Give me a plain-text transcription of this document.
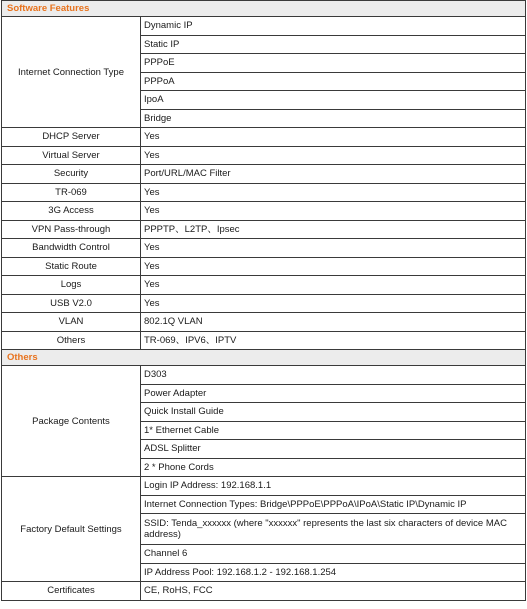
Software Features	
Internet Connection Type	Dynamic IP
	Static IP
	PPPoE
	PPPoA
	IpoA
	Bridge
DHCP Server	Yes
Virtual Server	Yes
Security	Port/URL/MAC Filter
TR-069	Yes
3G Access	Yes
VPN Pass-through	PPPTP、L2TP、Ipsec
Bandwidth Control	Yes
Static Route	Yes
Logs	Yes
USB V2.0	Yes
VLAN	802.1Q VLAN
Others	TR-069、IPV6、IPTV
Others	
Package Contents	D303
	Power Adapter
	Quick Install Guide
	1* Ethernet Cable
	ADSL Splitter
	2 * Phone Cords
Factory Default Settings	Login IP Address: 192.168.1.1
	Internet Connection Types: Bridge\PPPoE\PPPoA\IPoA\Static IP\Dynamic IP
	SSID: Tenda_xxxxxx (where "xxxxxx" represents the last six characters of device MAC address)
	Channel 6
	IP Address Pool: 192.168.1.2 - 192.168.1.254
Certificates	CE, RoHS, FCC
